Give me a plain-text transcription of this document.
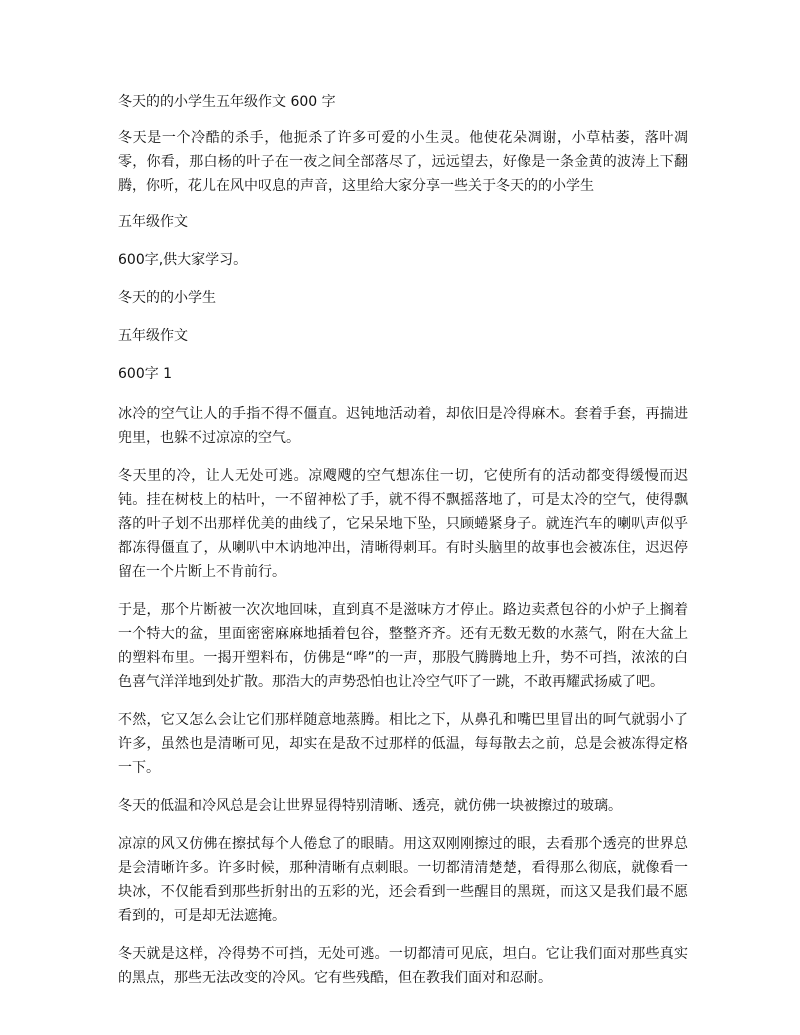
冬天的的小学生五年级作文 600 字
冬天是一个冷酷的杀手，他扼杀了许多可爱的小生灵。他使花朵凋谢，小草枯萎，落叶凋零，你看，那白杨的叶子在一夜之间全部落尽了，远远望去，好像是一条金黄的波涛上下翻腾，你听，花儿在风中叹息的声音，这里给大家分享一些关于冬天的的小学生
五年级作文
600字,供大家学习。
冬天的的小学生
五年级作文
600字 1
冰冷的空气让人的手指不得不僵直。迟钝地活动着，却依旧是冷得麻木。套着手套，再揣进兜里，也躲不过凉凉的空气。
冬天里的冷，让人无处可逃。凉飕飕的空气想冻住一切，它使所有的活动都变得缓慢而迟钝。挂在树枝上的枯叶，一不留神松了手，就不得不飘摇落地了，可是太冷的空气，使得飘落的叶子划不出那样优美的曲线了，它呆呆地下坠，只顾蜷紧身子。就连汽车的喇叭声似乎都冻得僵直了，从喇叭中木讷地冲出，清晰得刺耳。有时头脑里的故事也会被冻住，迟迟停留在一个片断上不肯前行。
于是，那个片断被一次次地回味，直到真不是滋味方才停止。路边卖煮包谷的小炉子上搁着一个特大的盆，里面密密麻麻地插着包谷，整整齐齐。还有无数无数的水蒸气，附在大盆上的塑料布里。一揭开塑料布，仿佛是“哗”的一声，那股气腾腾地上升，势不可挡，浓浓的白色喜气洋洋地到处扩散。那浩大的声势恐怕也让冷空气吓了一跳，不敢再耀武扬威了吧。
不然，它又怎么会让它们那样随意地蒸腾。相比之下，从鼻孔和嘴巴里冒出的呵气就弱小了许多，虽然也是清晰可见，却实在是敌不过那样的低温，每每散去之前，总是会被冻得定格一下。
冬天的低温和冷风总是会让世界显得特别清晰、透亮，就仿佛一块被擦过的玻璃。
凉凉的风又仿佛在擦拭每个人倦怠了的眼睛。用这双刚刚擦过的眼，去看那个透亮的世界总是会清晰许多。许多时候，那种清晰有点刺眼。一切都清清楚楚，看得那么彻底，就像看一块冰，不仅能看到那些折射出的五彩的光，还会看到一些醒目的黑斑，而这又是我们最不愿看到的，可是却无法遮掩。
冬天就是这样，冷得势不可挡，无处可逃。一切都清可见底，坦白。它让我们面对那些真实的黑点，那些无法改变的冷风。它有些残酷，但在教我们面对和忍耐。
